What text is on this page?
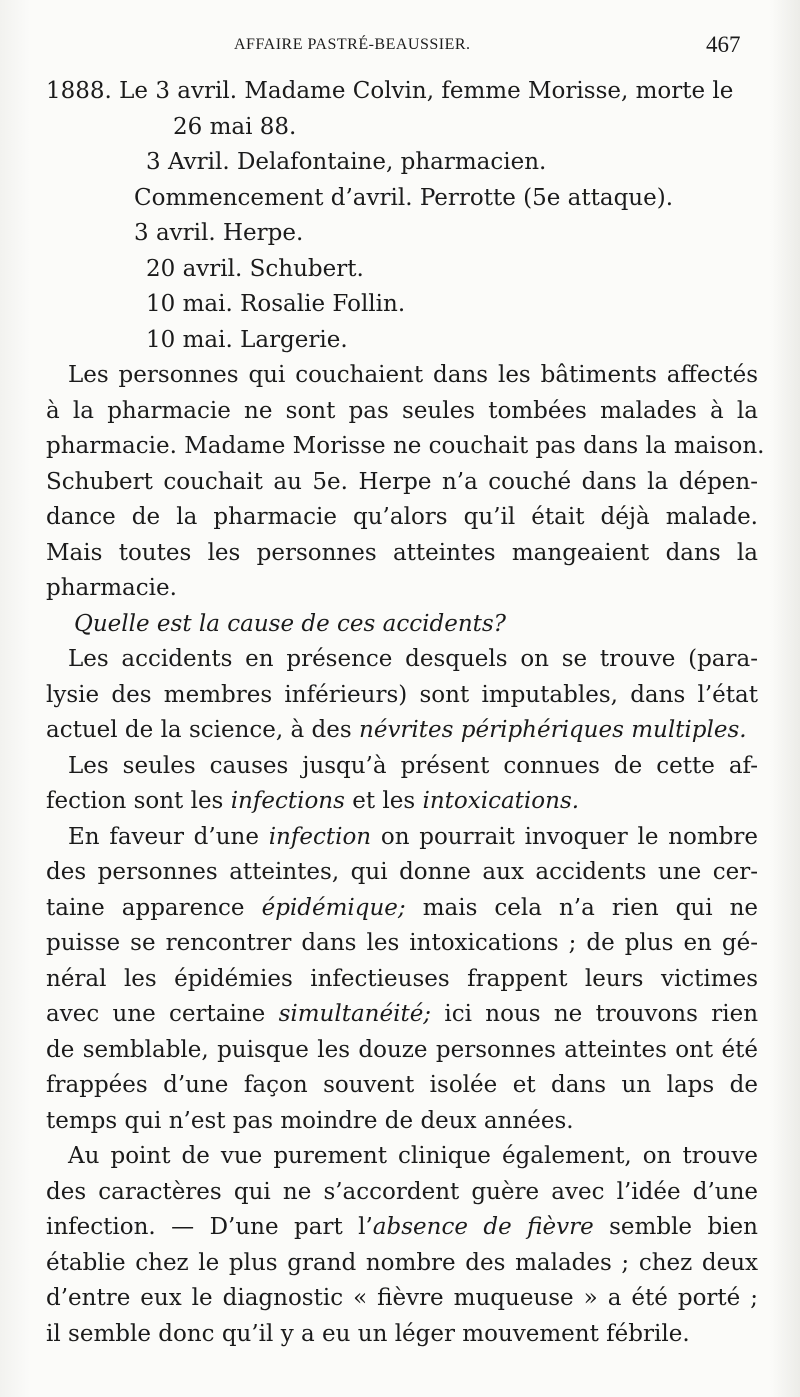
AFFAIRE PASTRÉ-BEAUSSIER.	467
1888. Le 3 avril. Madame Colvin, femme Morisse, morte le
26 mai 88.
3 Avril. Delafontaine, pharmacien.
Commencement d’avril. Perrotte (5e attaque).
3 avril. Herpe.
20 avril. Schubert.
10 mai. Rosalie Follin.
10 mai. Largerie.
Les personnes qui couchaient dans les bâtiments affectés
à la pharmacie ne sont pas seules tombées malades à la
pharmacie. Madame Morisse ne couchait pas dans la maison.
Schubert couchait au 5e. Herpe n’a couché dans la dépen-
dance de la pharmacie qu’alors qu’il était déjà malade.
Mais toutes les personnes atteintes mangeaient dans la
pharmacie.
Quelle est la cause de ces accidents?
Les accidents en présence desquels on se trouve (para-
lysie des membres inférieurs) sont imputables, dans l’état
actuel de la science, à des névrites périphériques multiples.
Les seules causes jusqu’à présent connues de cette af-
fection sont les infections et les intoxications.
En faveur d’une infection on pourrait invoquer le nombre
des personnes atteintes, qui donne aux accidents une cer-
taine apparence épidémique; mais cela n’a rien qui ne
puisse se rencontrer dans les intoxications ; de plus en gé-
néral les épidémies infectieuses frappent leurs victimes
avec une certaine simultanéité; ici nous ne trouvons rien
de semblable, puisque les douze personnes atteintes ont été
frappées d’une façon souvent isolée et dans un laps de
temps qui n’est pas moindre de deux années.
Au point de vue purement clinique également, on trouve
des caractères qui ne s’accordent guère avec l’idée d’une
infection. — D’une part l’absence de fièvre semble bien
établie chez le plus grand nombre des malades ; chez deux
d’entre eux le diagnostic « fièvre muqueuse » a été porté ;
il semble donc qu’il y a eu un léger mouvement fébrile.
